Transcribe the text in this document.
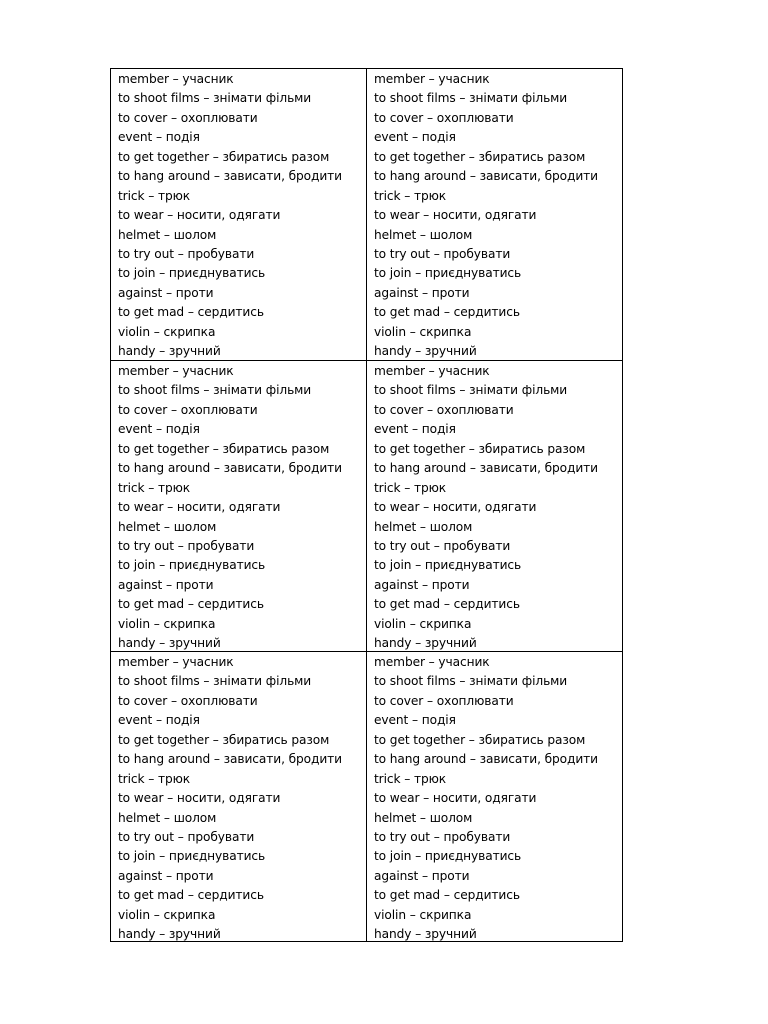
member – учасник
to shoot films – знімати фільми
to cover – охоплювати
event – подія
to get together – збиратись разом
to hang around – зависати, бродити
trick – трюк
to wear – носити, одягати
helmet – шолом
to try out – пробувати
to join – приєднуватись
against – проти
to get mad – сердитись
violin – скрипка
handy – зручний
member – учасник
to shoot films – знімати фільми
to cover – охоплювати
event – подія
to get together – збиратись разом
to hang around – зависати, бродити
trick – трюк
to wear – носити, одягати
helmet – шолом
to try out – пробувати
to join – приєднуватись
against – проти
to get mad – сердитись
violin – скрипка
handy – зручний
member – учасник
to shoot films – знімати фільми
to cover – охоплювати
event – подія
to get together – збиратись разом
to hang around – зависати, бродити
trick – трюк
to wear – носити, одягати
helmet – шолом
to try out – пробувати
to join – приєднуватись
against – проти
to get mad – сердитись
violin – скрипка
handy – зручний
member – учасник
to shoot films – знімати фільми
to cover – охоплювати
event – подія
to get together – збиратись разом
to hang around – зависати, бродити
trick – трюк
to wear – носити, одягати
helmet – шолом
to try out – пробувати
to join – приєднуватись
against – проти
to get mad – сердитись
violin – скрипка
handy – зручний
member – учасник
to shoot films – знімати фільми
to cover – охоплювати
event – подія
to get together – збиратись разом
to hang around – зависати, бродити
trick – трюк
to wear – носити, одягати
helmet – шолом
to try out – пробувати
to join – приєднуватись
against – проти
to get mad – сердитись
violin – скрипка
handy – зручний
member – учасник
to shoot films – знімати фільми
to cover – охоплювати
event – подія
to get together – збиратись разом
to hang around – зависати, бродити
trick – трюк
to wear – носити, одягати
helmet – шолом
to try out – пробувати
to join – приєднуватись
against – проти
to get mad – сердитись
violin – скрипка
handy – зручний
